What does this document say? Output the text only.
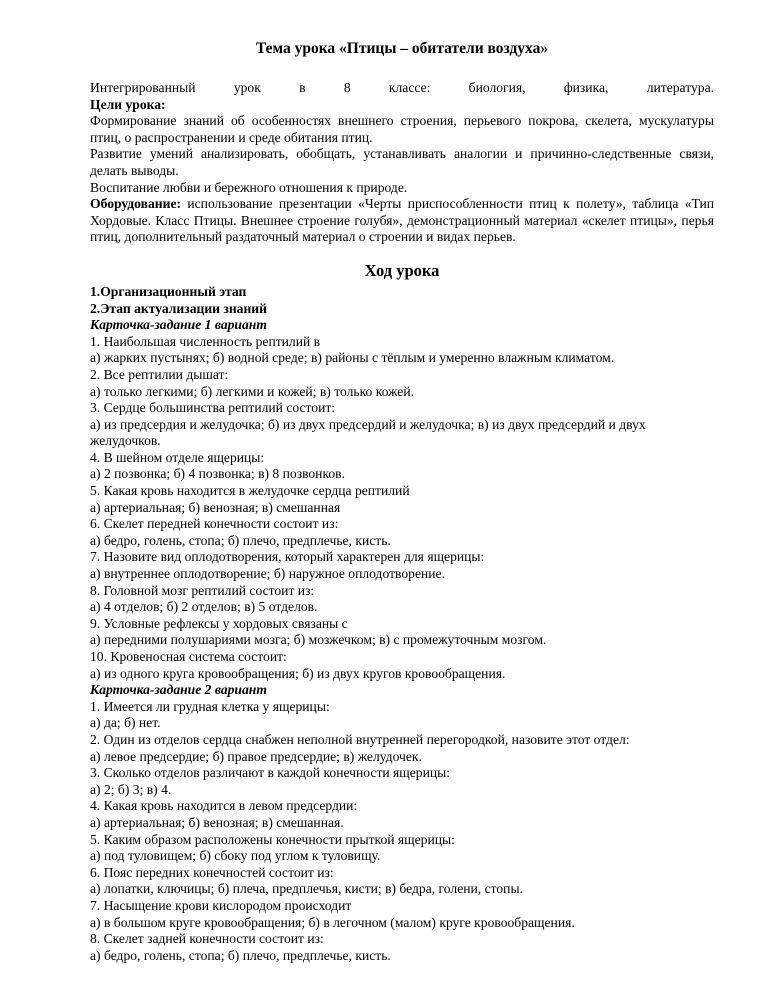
Тема урока «Птицы – обитатели воздуха»

Интегрированный урок в 8 классе: биология, физика, литература.

Цели урока:

Формирование знаний об особенностях внешнего строения, перьевого покрова, скелета, мускулатуры птиц, о распространении и среде обитания птиц.

Развитие умений анализировать, обобщать, устанавливать аналогии и причинно-следственные связи, делать выводы.

Воспитание любви и бережного отношения к природе.

Оборудование: использование презентации «Черты приспособленности птиц к полету», таблица «Тип Хордовые. Класс Птицы. Внешнее строение голубя», демонстрационный материал «скелет птицы», перья птиц, дополнительный раздаточный материал о строении и видах перьев.

Ход урока

1.Организационный этап

2.Этап актуализации знаний

Карточка-задание 1 вариант

1. Наибольшая численность рептилий в

а) жарких пустынях; б) водной среде; в) районы с тёплым и умеренно влажным климатом.

2. Все рептилии дышат:

а) только легкими; б) легкими и кожей; в) только кожей.

3. Сердце большинства рептилий состоит:

а) из предсердия и желудочка; б) из двух предсердий и желудочка; в) из двух предсердий и двух желудочков.

4. В шейном отделе ящерицы:

а) 2 позвонка; б) 4 позвонка; в) 8 позвонков.

5. Какая кровь находится в желудочке сердца рептилий

а) артериальная; б) венозная; в) смешанная

6. Скелет передней конечности состоит из:

а) бедро, голень, стопа; б) плечо, предплечье, кисть.

7. Назовите вид оплодотворения, который характерен для ящерицы:

а) внутреннее оплодотворение; б) наружное оплодотворение.

8. Головной мозг рептилий состоит из:

а) 4 отделов; б) 2 отделов; в) 5 отделов.

9. Условные рефлексы у хордовых связаны с

а) передними полушариями мозга; б) мозжечком; в) с промежуточным мозгом.

10. Кровеносная система состоит:

а) из одного круга кровообращения; б) из двух кругов кровообращения.

Карточка-задание 2 вариант

1. Имеется ли грудная клетка у ящерицы:

а) да; б) нет.

2. Один из отделов сердца снабжен неполной внутренней перегородкой, назовите этот отдел:

а) левое предсердие; б) правое предсердие; в) желудочек.

3. Сколько отделов различают в каждой конечности ящерицы:

а) 2; б) 3; в) 4.

4. Какая кровь находится в левом предсердии:

а) артериальная; б) венозная; в) смешанная.

5. Каким образом расположены конечности прыткой ящерицы:

а) под туловищем; б) сбоку под углом к туловищу.

6. Пояс передних конечностей состоит из:

а) лопатки, ключицы; б) плеча, предплечья, кисти; в) бедра, голени, стопы.

7. Насыщение крови кислородом происходит

а) в большом круге кровообращения; б) в легочном (малом) круге кровообращения.

8. Скелет задней конечности состоит из:

а) бедро, голень, стопа; б) плечо, предплечье, кисть.
